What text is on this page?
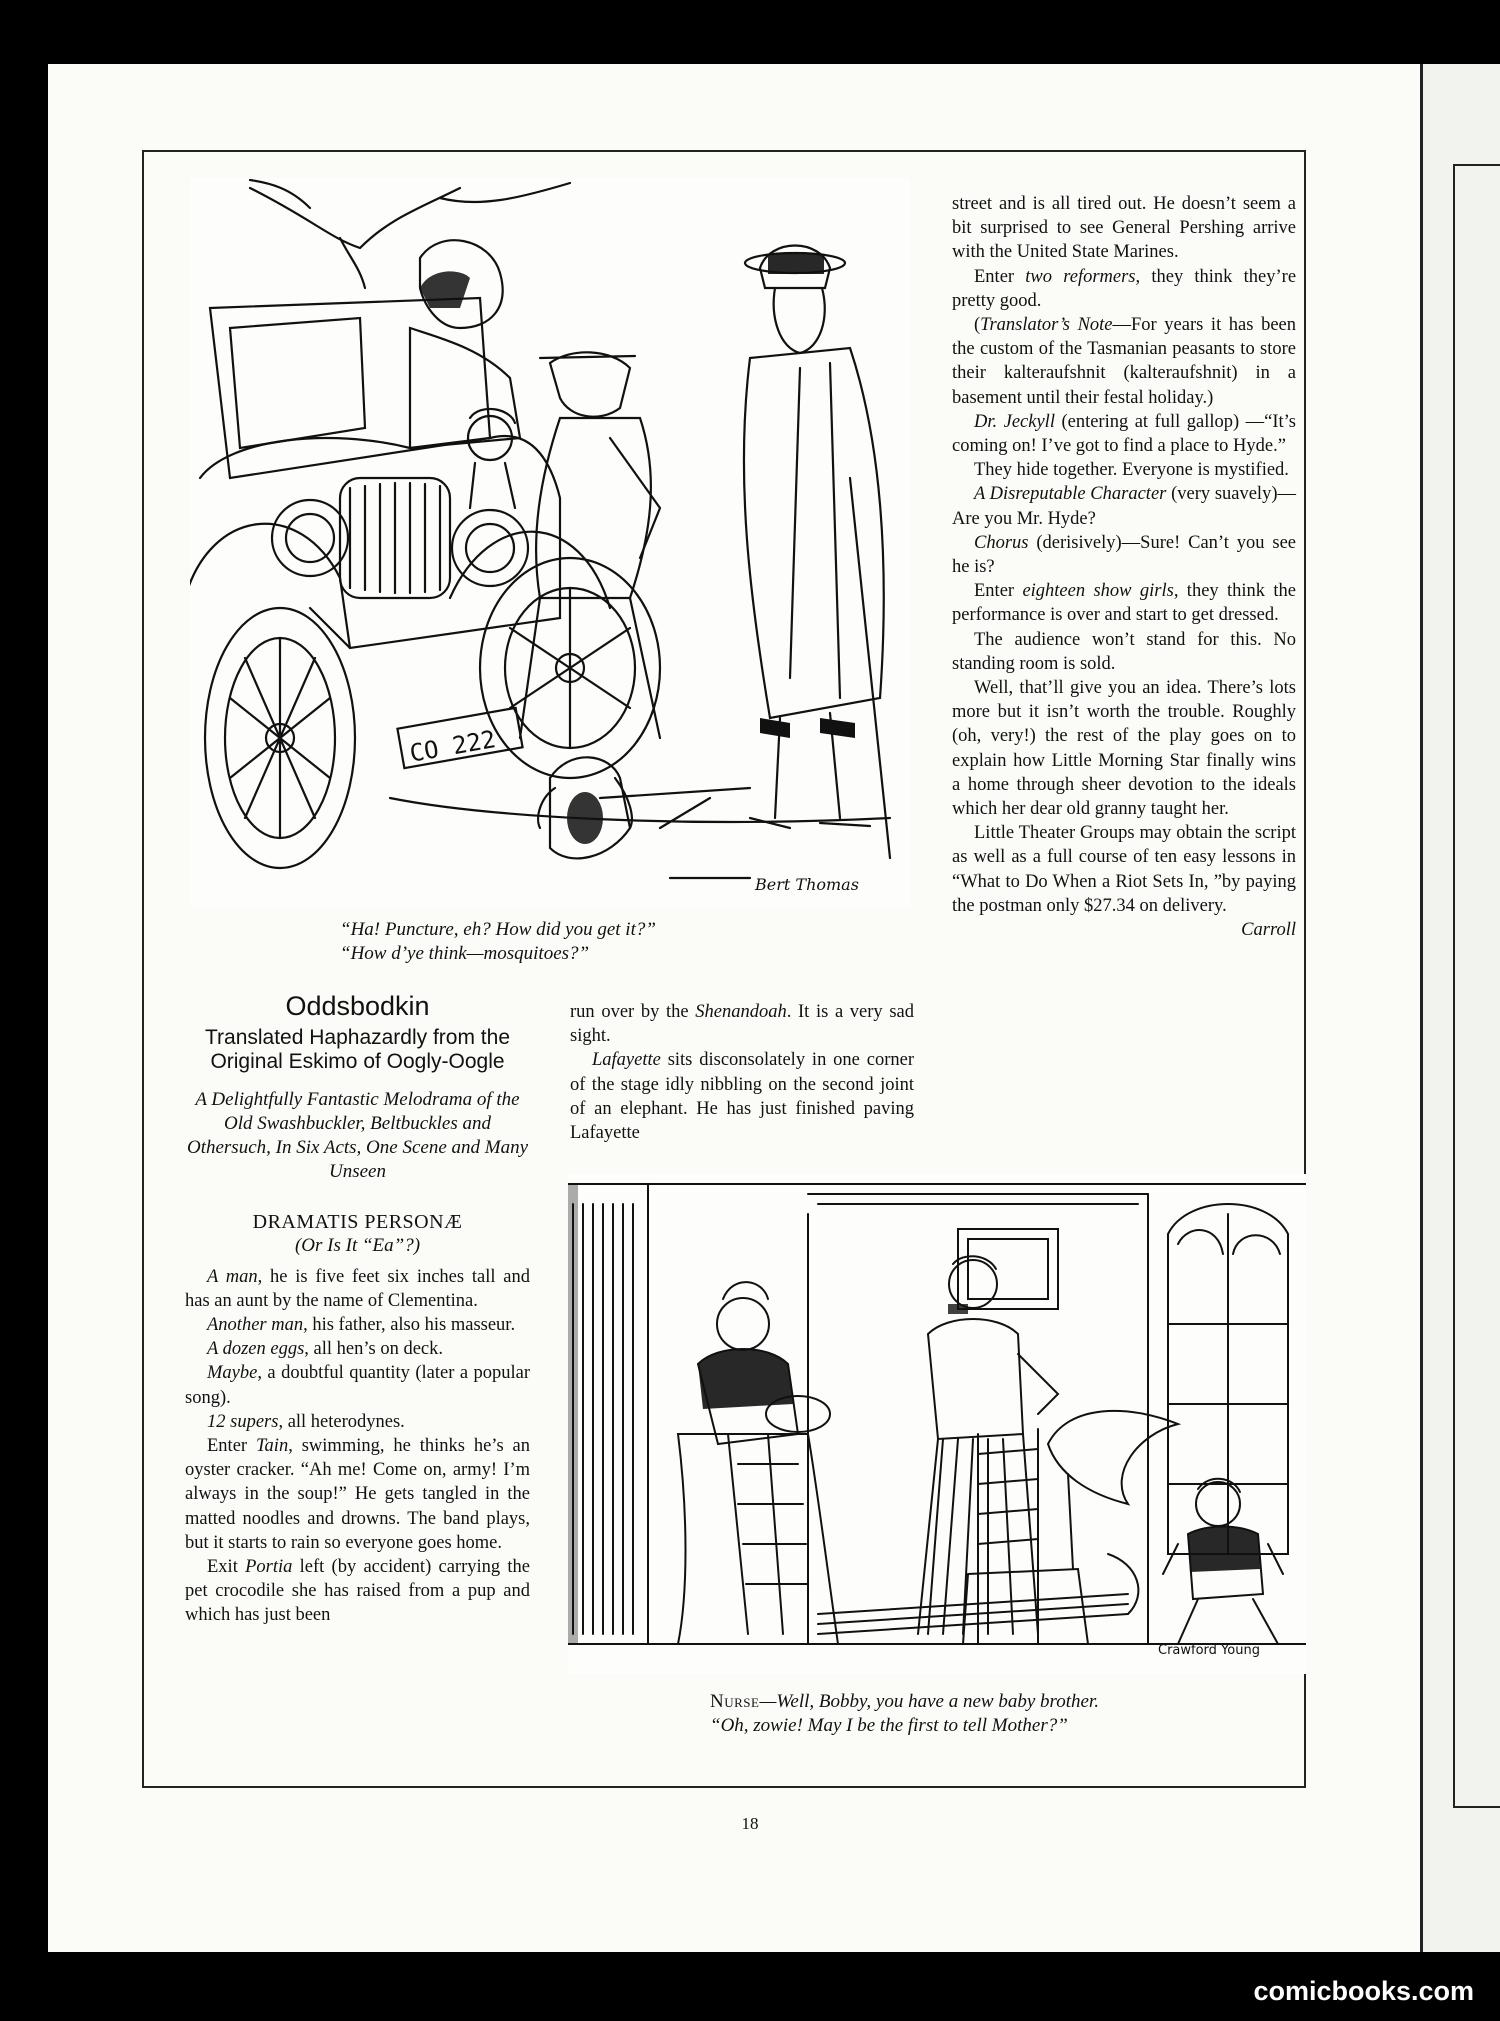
CO 222
Bert Thomas
“Ha! Puncture, eh? How did you get it?”
“How d’ye think—mosquitoes?”
Oddsbodkin
Translated Haphazardly from the Original Eskimo of Oogly-Oogle
A Delightfully Fantastic Melodrama of the Old Swashbuckler, Beltbuckles and Othersuch, In Six Acts, One Scene and Many Unseen
DRAMATIS PERSONÆ
(Or Is It “Ea”?)

A man, he is five feet six inches tall and has an aunt by the name of Clementina.

Another man, his father, also his masseur.

A dozen eggs, all hen’s on deck.

Maybe, a doubtful quantity (later a popular song).

12 supers, all heterodynes.

Enter Tain, swimming, he thinks he’s an oyster cracker. “Ah me! Come on, army! I’m always in the soup!” He gets tangled in the matted noodles and drowns. The band plays, but it starts to rain so everyone goes home.

Exit Portia left (by accident) carrying the pet crocodile she has raised from a pup and which has just been

run over by the Shenandoah. It is a very sad sight.

Lafayette sits disconsolately in one corner of the stage idly nibbling on the second joint of an elephant. He has just finished paving Lafayette

street and is all tired out. He doesn’t seem a bit surprised to see General Pershing arrive with the United State Marines.

Enter two reformers, they think they’re pretty good.

(Translator’s Note—For years it has been the custom of the Tasmanian peasants to store their kalteraufshnit (kalteraufshnit) in a basement until their festal holiday.)

Dr. Jeckyll (entering at full gallop) —“It’s coming on! I’ve got to find a place to Hyde.”

They hide together. Everyone is mystified.

A Disreputable Character (very suavely)—Are you Mr. Hyde?

Chorus (derisively)—Sure! Can’t you see he is?

Enter eighteen show girls, they think the performance is over and start to get dressed.

The audience won’t stand for this. No standing room is sold.

Well, that’ll give you an idea. There’s lots more but it isn’t worth the trouble. Roughly (oh, very!) the rest of the play goes on to explain how Little Morning Star finally wins a home through sheer devotion to the ideals which her dear old granny taught her.

Little Theater Groups may obtain the script as well as a full course of ten easy lessons in “What to Do When a Riot Sets In, ”by paying the postman only $27.34 on delivery.

Carroll

Crawford Young
Nurse—Well, Bobby, you have a new baby brother.
“Oh, zowie! May I be the first to tell Mother?”
18
comicbooks.com
